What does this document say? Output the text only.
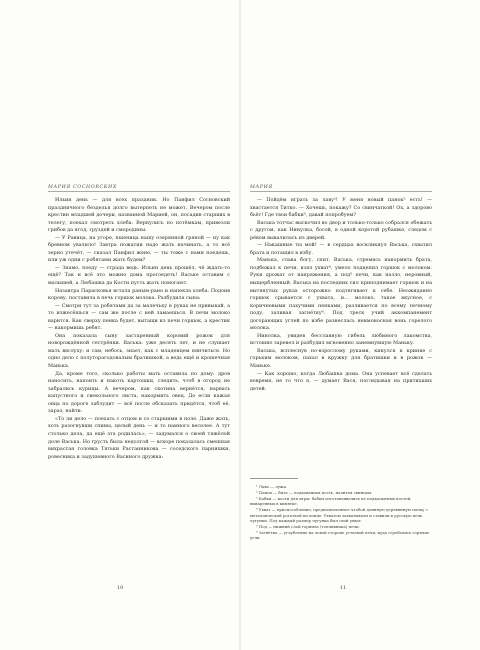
МАРИЯ СОСНОВСКИХ

Ильин день — для всех праздник. Но Панфил Сосновский праздничного безделья долго вытерпеть не может. Вечером после крестин младшей дочери, названной Марией, он, посадив старших в телегу, поехал смотреть хлеба. Вернулись по потёмкам, привезли грибов да ягод, груздей и смородины.

— У Равица, на угоре, пшеница нашу озерянной гряной — ну как бревном увалило! Завтра пожатии надо жать начинать, а то всё зерно утечёт, — сказал Панфил жене, — ты тоже с нами поедешь, или уж одни с робятами жать будем?

— Знамо, поеду — страда ведь. Ильин день прошёл, чё ждать-то ещё? Так и всё это можно дома прогоедеть! Ваське оставим с малышей, а Любашка да Кости пусть жать помогают.

Назавтра Парасковья встала раным-рано и напекла хлеба. Подоив корову, поставила в печь горшок молока. Разбудила сына:

— Смотри тут за робятами да за малечьку в руках не привыкай, а то изжесёшься — сам же после с ней замаешься. В печи молоко варится. Как сверху пенка будет, вытащи из печи горшок, а крестик — накормишь ребят.

Она показала сыну застаренный коровий рожок для новорождённой сестрёнки. Васька: уже десять лет, и не слушает мать ввслуху: и сам, небось, знает, как с младенцем нянчиться. Но одно дело с полуторагодовалым братишкой, а ведь ещё и крошечная Манька.

Да, кроме того, сколько работы мать оставила по дому: дров наносить, напоить и накоть картошки, следить, чтоб в огород не забрались курицы. А вечером, как скотина вернётся, нарвать капустного и свекольного листа, накормить овец. До если кажая овца по дороге заблудит — всё после обсказать придётся, чтоб её, зараз, найти.

«То ли дело — поехать с отцом и со старшими в поле. Даже жать, хоть разогнувши спины, целый день — и то намного веселее. А тут столько дела, да ещё эта родилась», — задумался о своей тяжёлой доле Васька. Но грусть была недолгой — вскоре показалась смешная вихрастая головка Тятьки Растанникова — соседского парнишки, ровесника и задушевного Васиного дружка:

10
МАРИЯ

— Пойдём играть за лаву¹! У меня новый панок² есть! — хвастается Титко. — Хочешь, покажу? Со свинчаткой! Ох, а здорово бьёт! Где твои бабки³, давай попробуем?

Васька тотчас выскочил во двор и только-только собрался обежать с другом, как Нинулка, босой, в одной коротой рубашке, следом с рёвом вывалилась из дверей.

— Накашные ты мой! — в сердцах воскликнул Васька, схватил брата и потащил в избу.

Манька, слава богу, спит. Васька, стремясь накормить брата, подбежал к печи, взял ухват⁴, умело подцепил горшок с молоком. Руки дрожат от напряжения, а под⁵ печи, как назло, неровный, выщербленный. Васька на последних сил приподнимает горшок и на вытянутых руках осторожно подтягивает к себе. Неожиданно горшок срывается с ухвата, и… молоко, такое вкусное, с коричневыми пахучими пенками, разливается по всему печному поду, заливая загнётку⁶. Под треск учий аккомпанемент догорающих углей по избе разнеслась неимоносная вонь горелого молока.

Нинолка, увидев бесславную гибель любимого лакомства, истошно заревел и разбудил мгновенно занемнувшую Маньку.

Васька, всплеснув по-взрослому руками, кинулся к кринке с горьким молоком, пахал в кружку для братишки и в рожок — Маньке.

— Как хорошо, когда Любашка дома. Она успевает всё сделать вовремя, не то что я, — думает Вася, поглядывая на притихших детей.

¹ Лава — лужа.

² Панок — бита — подкованная кость, налитая свинцом.

³ Бабки — кости для игры: бабки изготавливались из подкопытных костей, вываренных в кипятке.

⁴ Ухват — приспособление, предназначенное чтобой длинную деревянную палку с металлической рогаткой на конце. Ухватом захватывали и ставили в русскую печь чугунки. Под каждый размер чугунка был свой ухват.

⁵ Под — нижний слой горнила (топливника) печи.

⁶ Загнётка — углубление на левой стороне устьевой печи, куда сгребались горячие угли.

11
